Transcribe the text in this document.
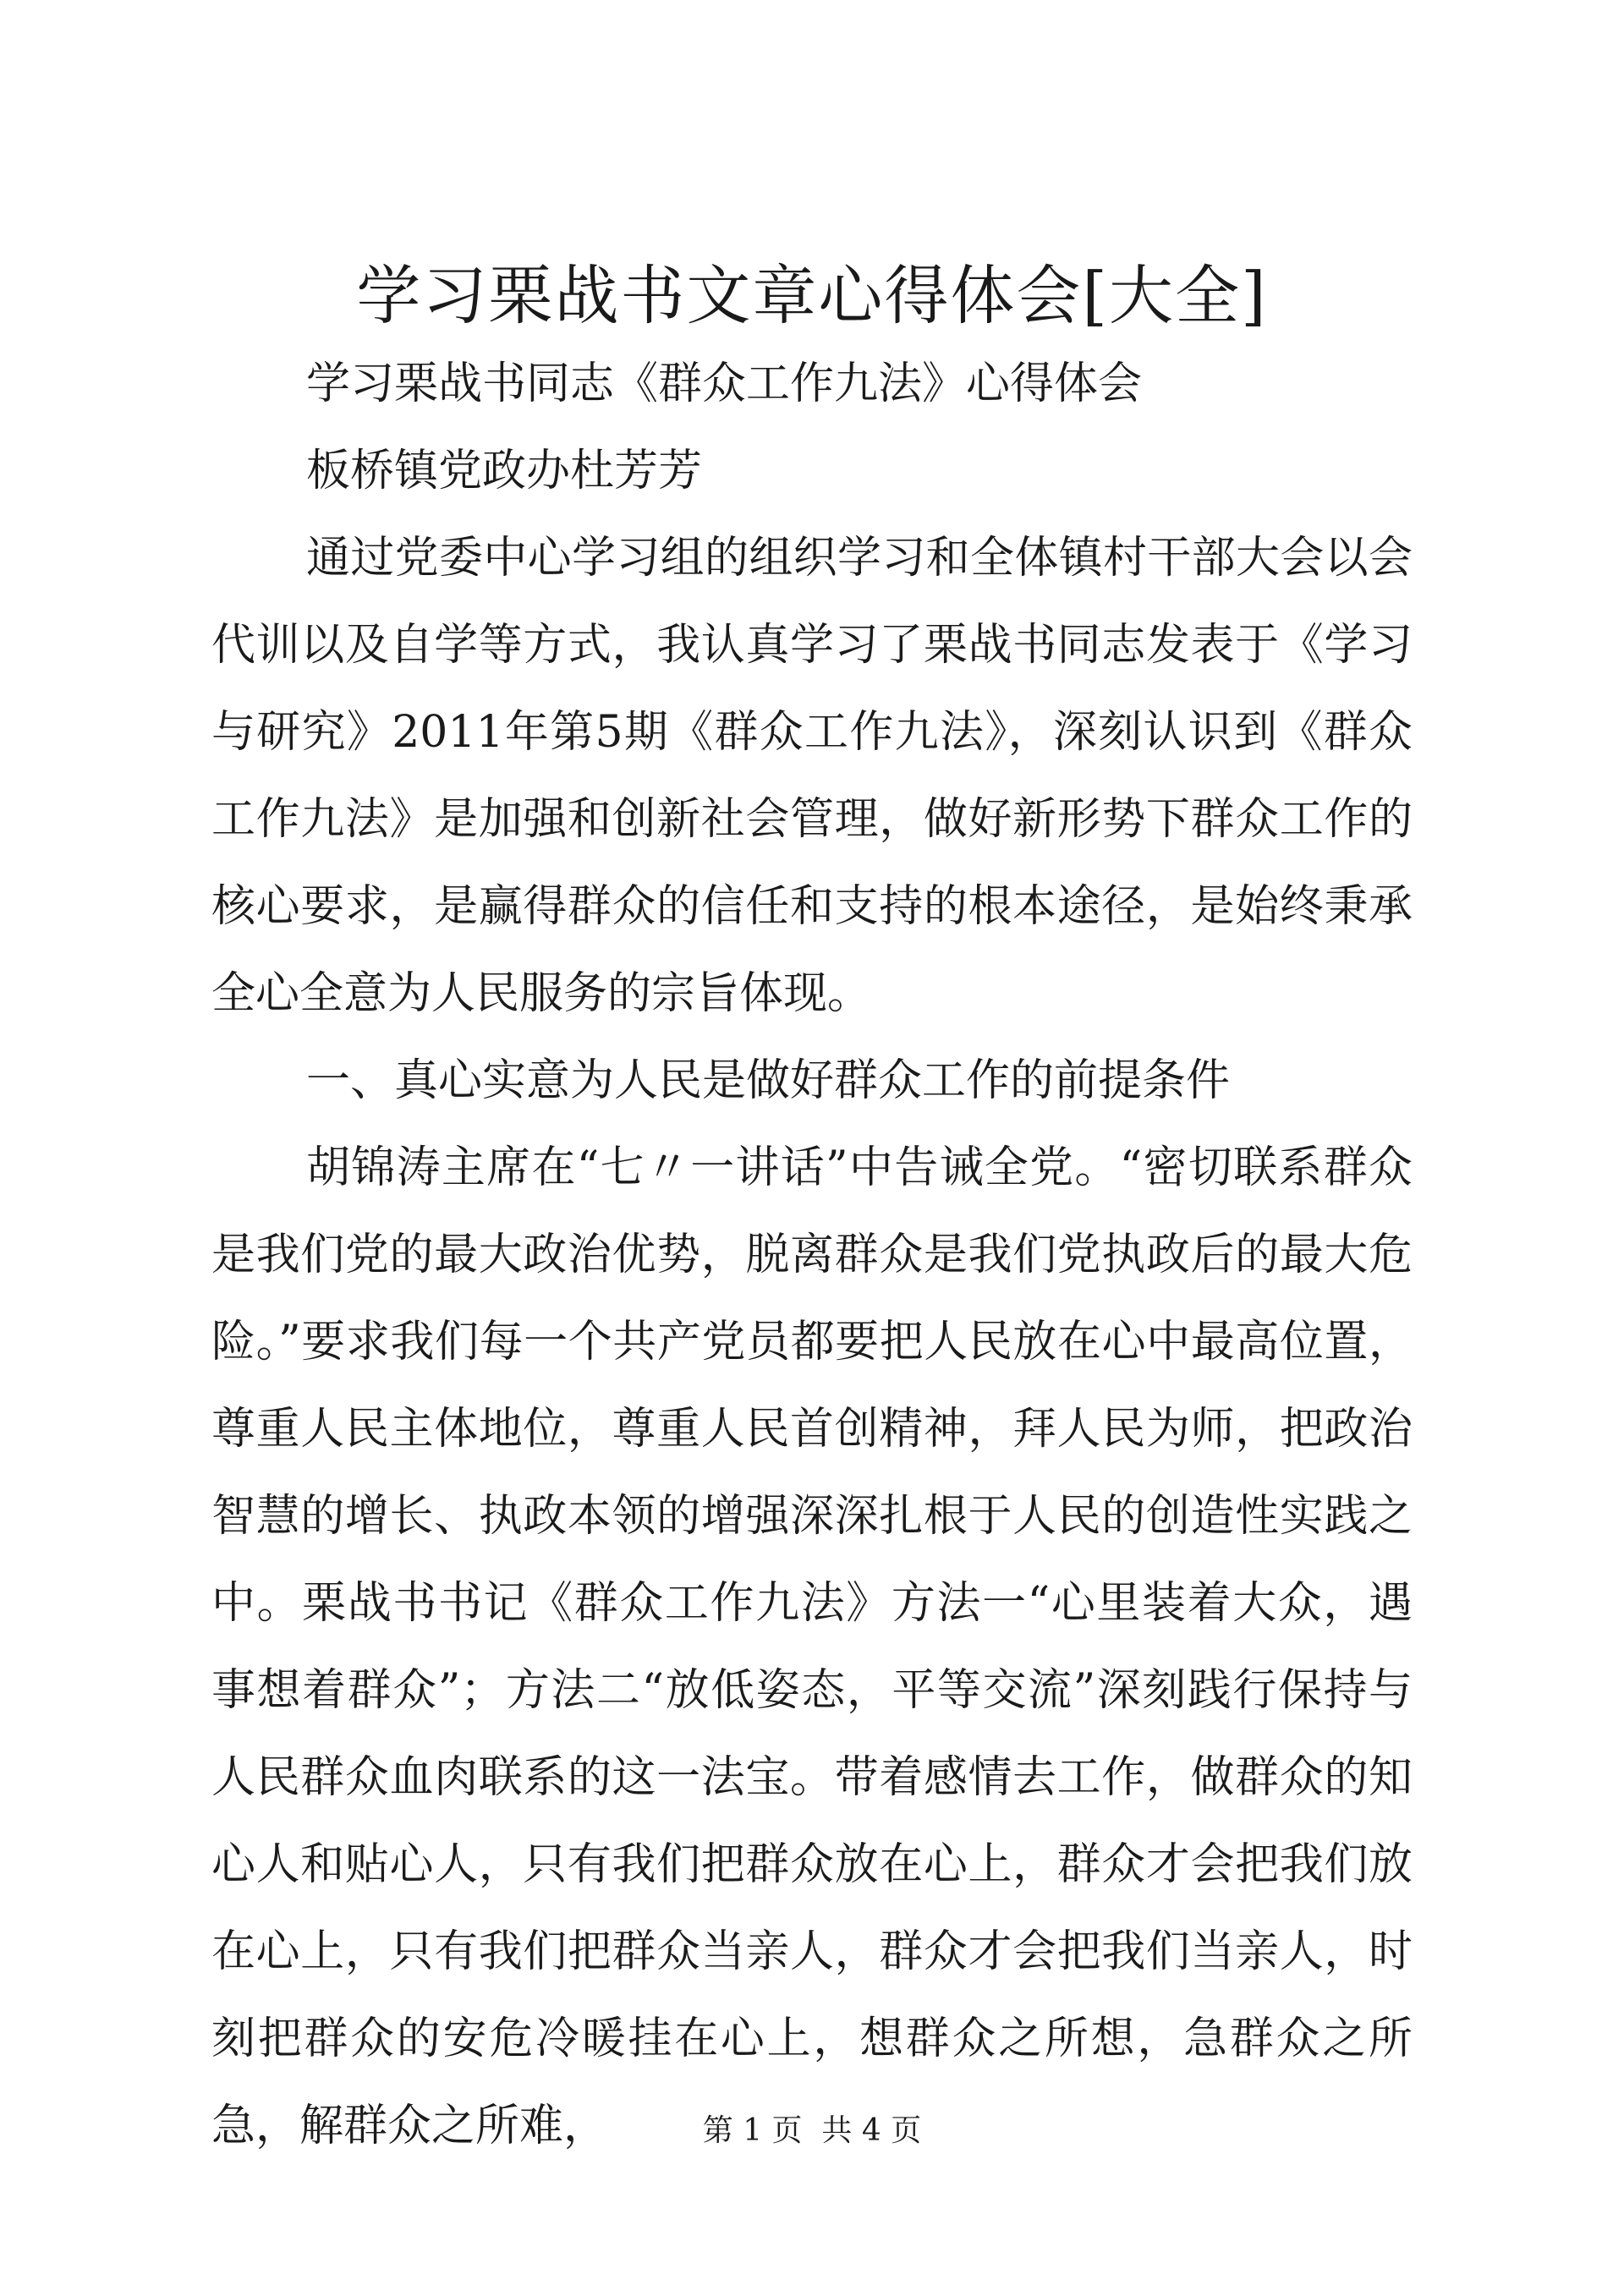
学习栗战书文章心得体会[大全]

学习栗战书同志《群众工作九法》心得体会

板桥镇党政办杜芳芳

通过党委中心学习组的组织学习和全体镇村干部大会以会代训以及自学等方式，我认真学习了栗战书同志发表于《学习与研究》2011年第5期《群众工作九法》，深刻认识到《群众工作九法》是加强和创新社会管理，做好新形势下群众工作的核心要求，是赢得群众的信任和支持的根本途径，是始终秉承全心全意为人民服务的宗旨体现。

一、真心实意为人民是做好群众工作的前提条件

胡锦涛主席在“七〃一讲话”中告诫全党。“密切联系群众是我们党的最大政治优势，脱离群众是我们党执政后的最大危险。”要求我们每一个共产党员都要把人民放在心中最高位置，尊重人民主体地位，尊重人民首创精神，拜人民为师，把政治智慧的增长、执政本领的增强深深扎根于人民的创造性实践之中。栗战书书记《群众工作九法》方法一“心里装着大众，遇事想着群众”；方法二“放低姿态，平等交流”深刻践行保持与人民群众血肉联系的这一法宝。带着感情去工作，做群众的知心人和贴心人，只有我们把群众放在心上，群众才会把我们放在心上，只有我们把群众当亲人，群众才会把我们当亲人，时刻把群众的安危冷暖挂在心上，想群众之所想，急群众之所急，解群众之所难，	第 1 页  共 4 页
